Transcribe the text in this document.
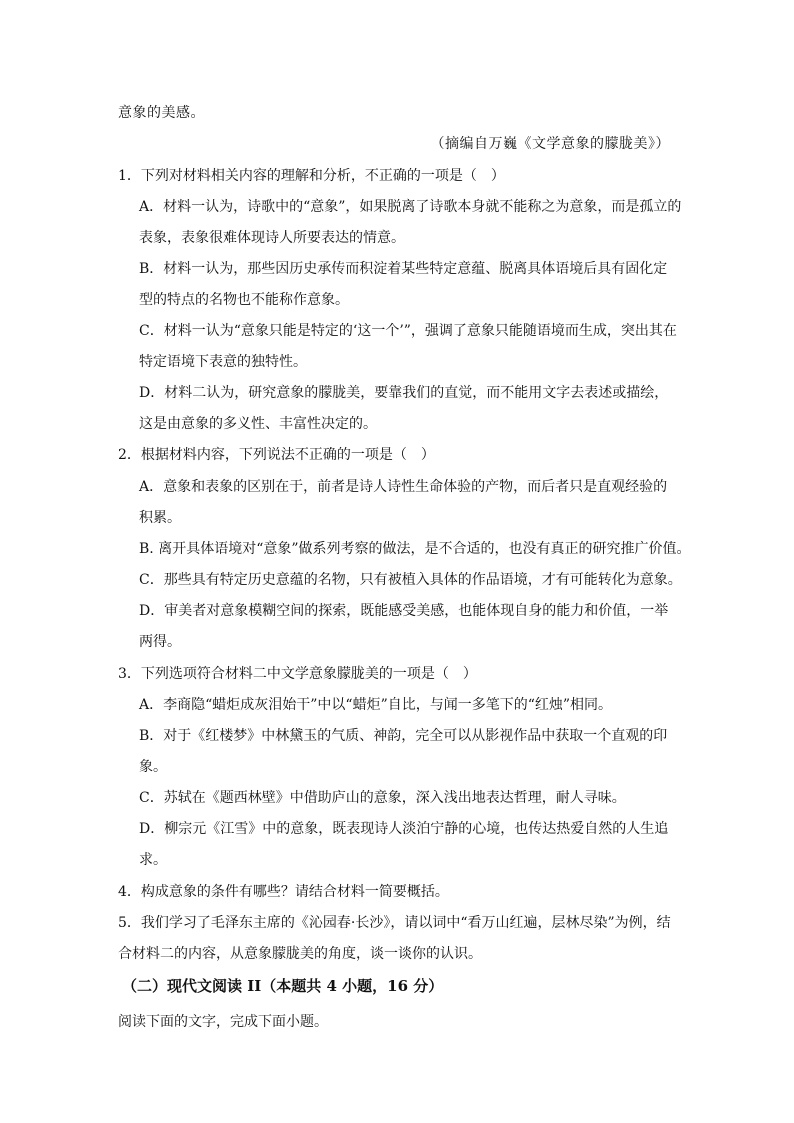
意象的美感。
（摘编自万巍《文学意象的朦胧美》）
1．下列对材料相关内容的理解和分析，不正确的一项是（　）
A．材料一认为，诗歌中的“意象”，如果脱离了诗歌本身就不能称之为意象，而是孤立的
表象，表象很难体现诗人所要表达的情意。
B．材料一认为，那些因历史承传而积淀着某些特定意蕴、脱离具体语境后具有固化定
型的特点的名物也不能称作意象。
C．材料一认为“意象只能是特定的‘这一个’”，强调了意象只能随语境而生成，突出其在
特定语境下表意的独特性。
D．材料二认为，研究意象的朦胧美，要靠我们的直觉，而不能用文字去表述或描绘，
这是由意象的多义性、丰富性决定的。
2．根据材料内容，下列说法不正确的一项是（　）
A．意象和表象的区别在于，前者是诗人诗性生命体验的产物，而后者只是直观经验的
积累。
B. 离开具体语境对“意象”做系列考察的做法，是不合适的，也没有真正的研究推广价值。
C．那些具有特定历史意蕴的名物，只有被植入具体的作品语境，才有可能转化为意象。
D．审美者对意象模糊空间的探索，既能感受美感，也能体现自身的能力和价值，一举
两得。
3．下列选项符合材料二中文学意象朦胧美的一项是（　）
A．李商隐“蜡炬成灰泪始干”中以“蜡炬”自比，与闻一多笔下的“红烛”相同。
B．对于《红楼梦》中林黛玉的气质、神韵，完全可以从影视作品中获取一个直观的印
象。
C．苏轼在《题西林壁》中借助庐山的意象，深入浅出地表达哲理，耐人寻味。
D．柳宗元《江雪》中的意象，既表现诗人淡泊宁静的心境，也传达热爱自然的人生追
求。
4．构成意象的条件有哪些？请结合材料一简要概括。
5．我们学习了毛泽东主席的《沁园春·长沙》，请以词中“看万山红遍，层林尽染”为例，结
合材料二的内容，从意象朦胧美的角度，谈一谈你的认识。
（二）现代文阅读 II（本题共 4 小题，16 分）
阅读下面的文字，完成下面小题。
